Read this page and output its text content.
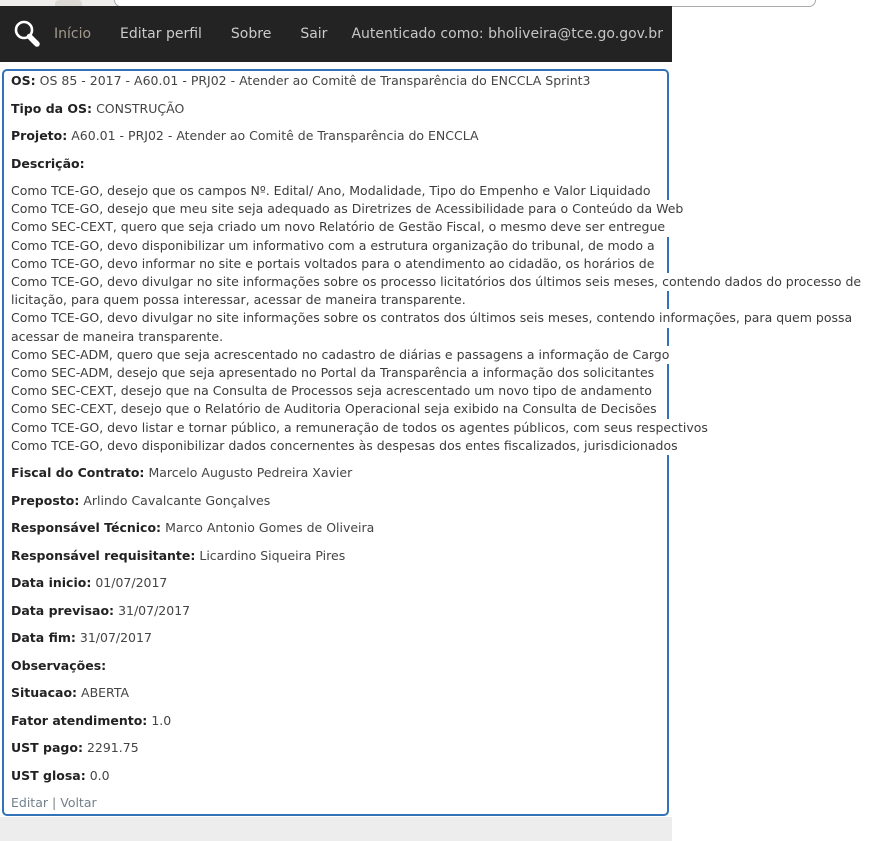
Início Editar perfil Sobre Sair Autenticado como: bholiveira@tce.go.gov.br

OS: OS 85 - 2017 - A60.01 - PRJ02 - Atender ao Comitê de Transparência do ENCCLA Sprint3

Tipo da OS: CONSTRUÇÃO

Projeto: A60.01 - PRJ02 - Atender ao Comitê de Transparência do ENCCLA

Descrição:

Como TCE-GO, desejo que os campos Nº. Edital/ Ano, Modalidade, Tipo do Empenho e Valor Liquidado
Como TCE-GO, desejo que meu site seja adequado as Diretrizes de Acessibilidade para o Conteúdo da Web
Como SEC-CEXT, quero que seja criado um novo Relatório de Gestão Fiscal, o mesmo deve ser entregue
Como TCE-GO, devo disponibilizar um informativo com a estrutura organização do tribunal, de modo a
Como TCE-GO, devo informar no site e portais voltados para o atendimento ao cidadão, os horários de
Como TCE-GO, devo divulgar no site informações sobre os processo licitatórios dos últimos seis meses, contendo dados do processo de
licitação, para quem possa interessar, acessar de maneira transparente.
Como TCE-GO, devo divulgar no site informações sobre os contratos dos últimos seis meses, contendo informações, para quem possa
acessar de maneira transparente.
Como SEC-ADM, quero que seja acrescentado no cadastro de diárias e passagens a informação de Cargo
Como SEC-ADM, desejo que seja apresentado no Portal da Transparência a informação dos solicitantes
Como SEC-CEXT, desejo que na Consulta de Processos seja acrescentado um novo tipo de andamento
Como SEC-CEXT, desejo que o Relatório de Auditoria Operacional seja exibido na Consulta de Decisões
Como TCE-GO, devo listar e tornar público, a remuneração de todos os agentes públicos, com seus respectivos
Como TCE-GO, devo disponibilizar dados concernentes às despesas dos entes fiscalizados, jurisdicionados

Fiscal do Contrato: Marcelo Augusto Pedreira Xavier

Preposto: Arlindo Cavalcante Gonçalves

Responsável Técnico: Marco Antonio Gomes de Oliveira

Responsável requisitante: Licardino Siqueira Pires

Data inicio: 01/07/2017

Data previsao: 31/07/2017

Data fim: 31/07/2017

Observações:

Situacao: ABERTA

Fator atendimento: 1.0

UST pago: 2291.75

UST glosa: 0.0

Editar | Voltar
